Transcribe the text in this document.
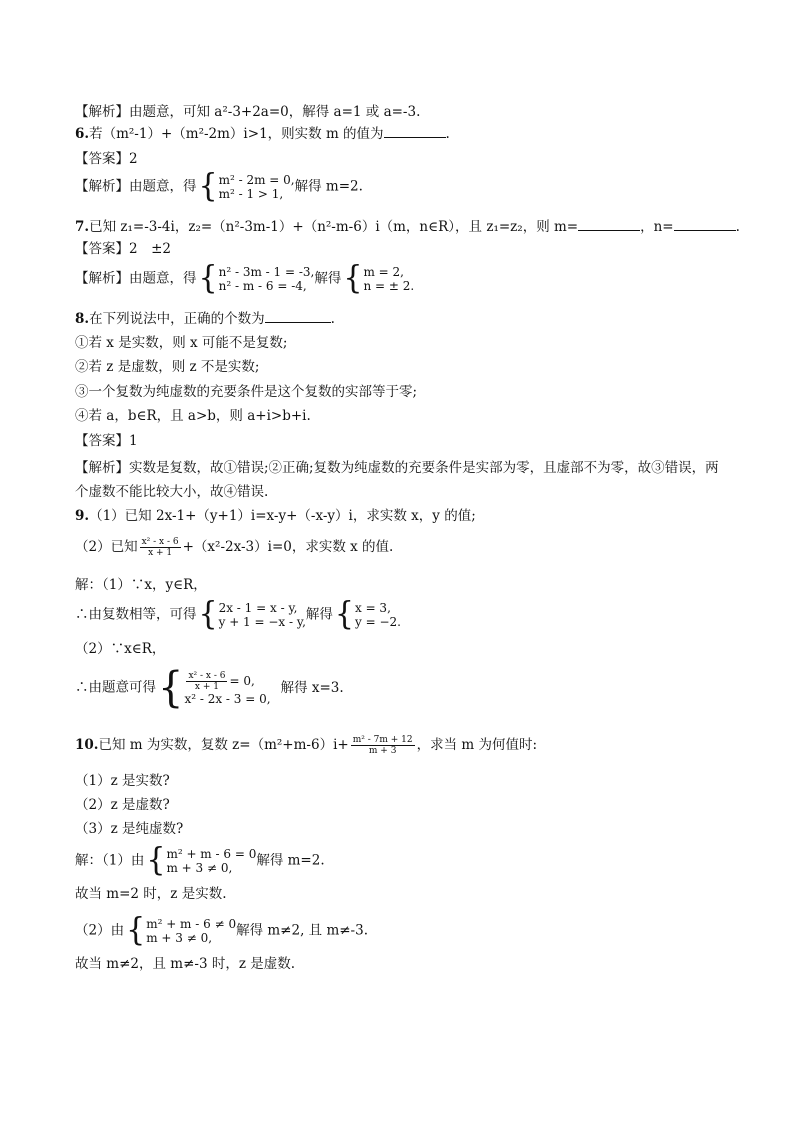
【解析】由题意，可知 a²-3+2a=0，解得 a=1 或 a=-3.
6.若（m²-1）+（m²-2m）i>1，则实数 m 的值为	.
【答案】2
【解析】由题意，得 { m² - 2m = 0,
m² - 1 > 1, 解得 m=2.
7.已知 z₁=-3-4i，z₂=（n²-3m-1）+（n²-m-6）i（m，n∈R），且 z₁=z₂，则 m=	，n=	.
【答案】2　±2
【解析】由题意，得 { n² - 3m - 1 = -3,
n² - m - 6 = -4, 解得 { m = 2,
n = ± 2.
8.在下列说法中，正确的个数为	.
①若 x 是实数，则 x 可能不是复数;
②若 z 是虚数，则 z 不是实数;
③一个复数为纯虚数的充要条件是这个复数的实部等于零;
④若 a，b∈R，且 a>b，则 a+i>b+i.
【答案】1
【解析】实数是复数，故①错误;②正确;复数为纯虚数的充要条件是实部为零，且虚部不为零，故③错误，两个虚数不能比较大小，故④错误.
9.（1）已知 2x-1+（y+1）i=x-y+（-x-y）i，求实数 x，y 的值;
（2）已知 $\frac{\text{x² - x - 6}}{x + 1} +(x^2-2x-3)i=0$，求实数 x 的值.
解：（1）∵x，y∈R，
∴由复数相等，可得 { 2x - 1 = x - y,
y + 1 = −x - y, 解得 { x = 3,
y = −2.
（2）∵x∈R，
∴由题意可得 { $\frac{\text{x² - x - 6}}{x + 1} = 0$,
x² - 2x - 3 = 0,
解得 x=3.
10.已知 m 为实数，复数 $z=(m^2+m-6)i+ \frac{\text{m² - 7m + 12}}{m + 3}$ ，求当 m 为何值时:
（1）z 是实数?
（2）z 是虚数?
（3）z 是纯虚数?
解：（1）由 { m² + m - 6 = 0
m + 3 ≠ 0,	解得 m=2.
故当 m=2 时，z 是实数.
（2）由 { m² + m - 6 ≠ 0
m + 3 ≠ 0,	解得 m≠2, 且 m≠-3.
故当 m≠2，且 m≠-3 时，z 是虚数.
